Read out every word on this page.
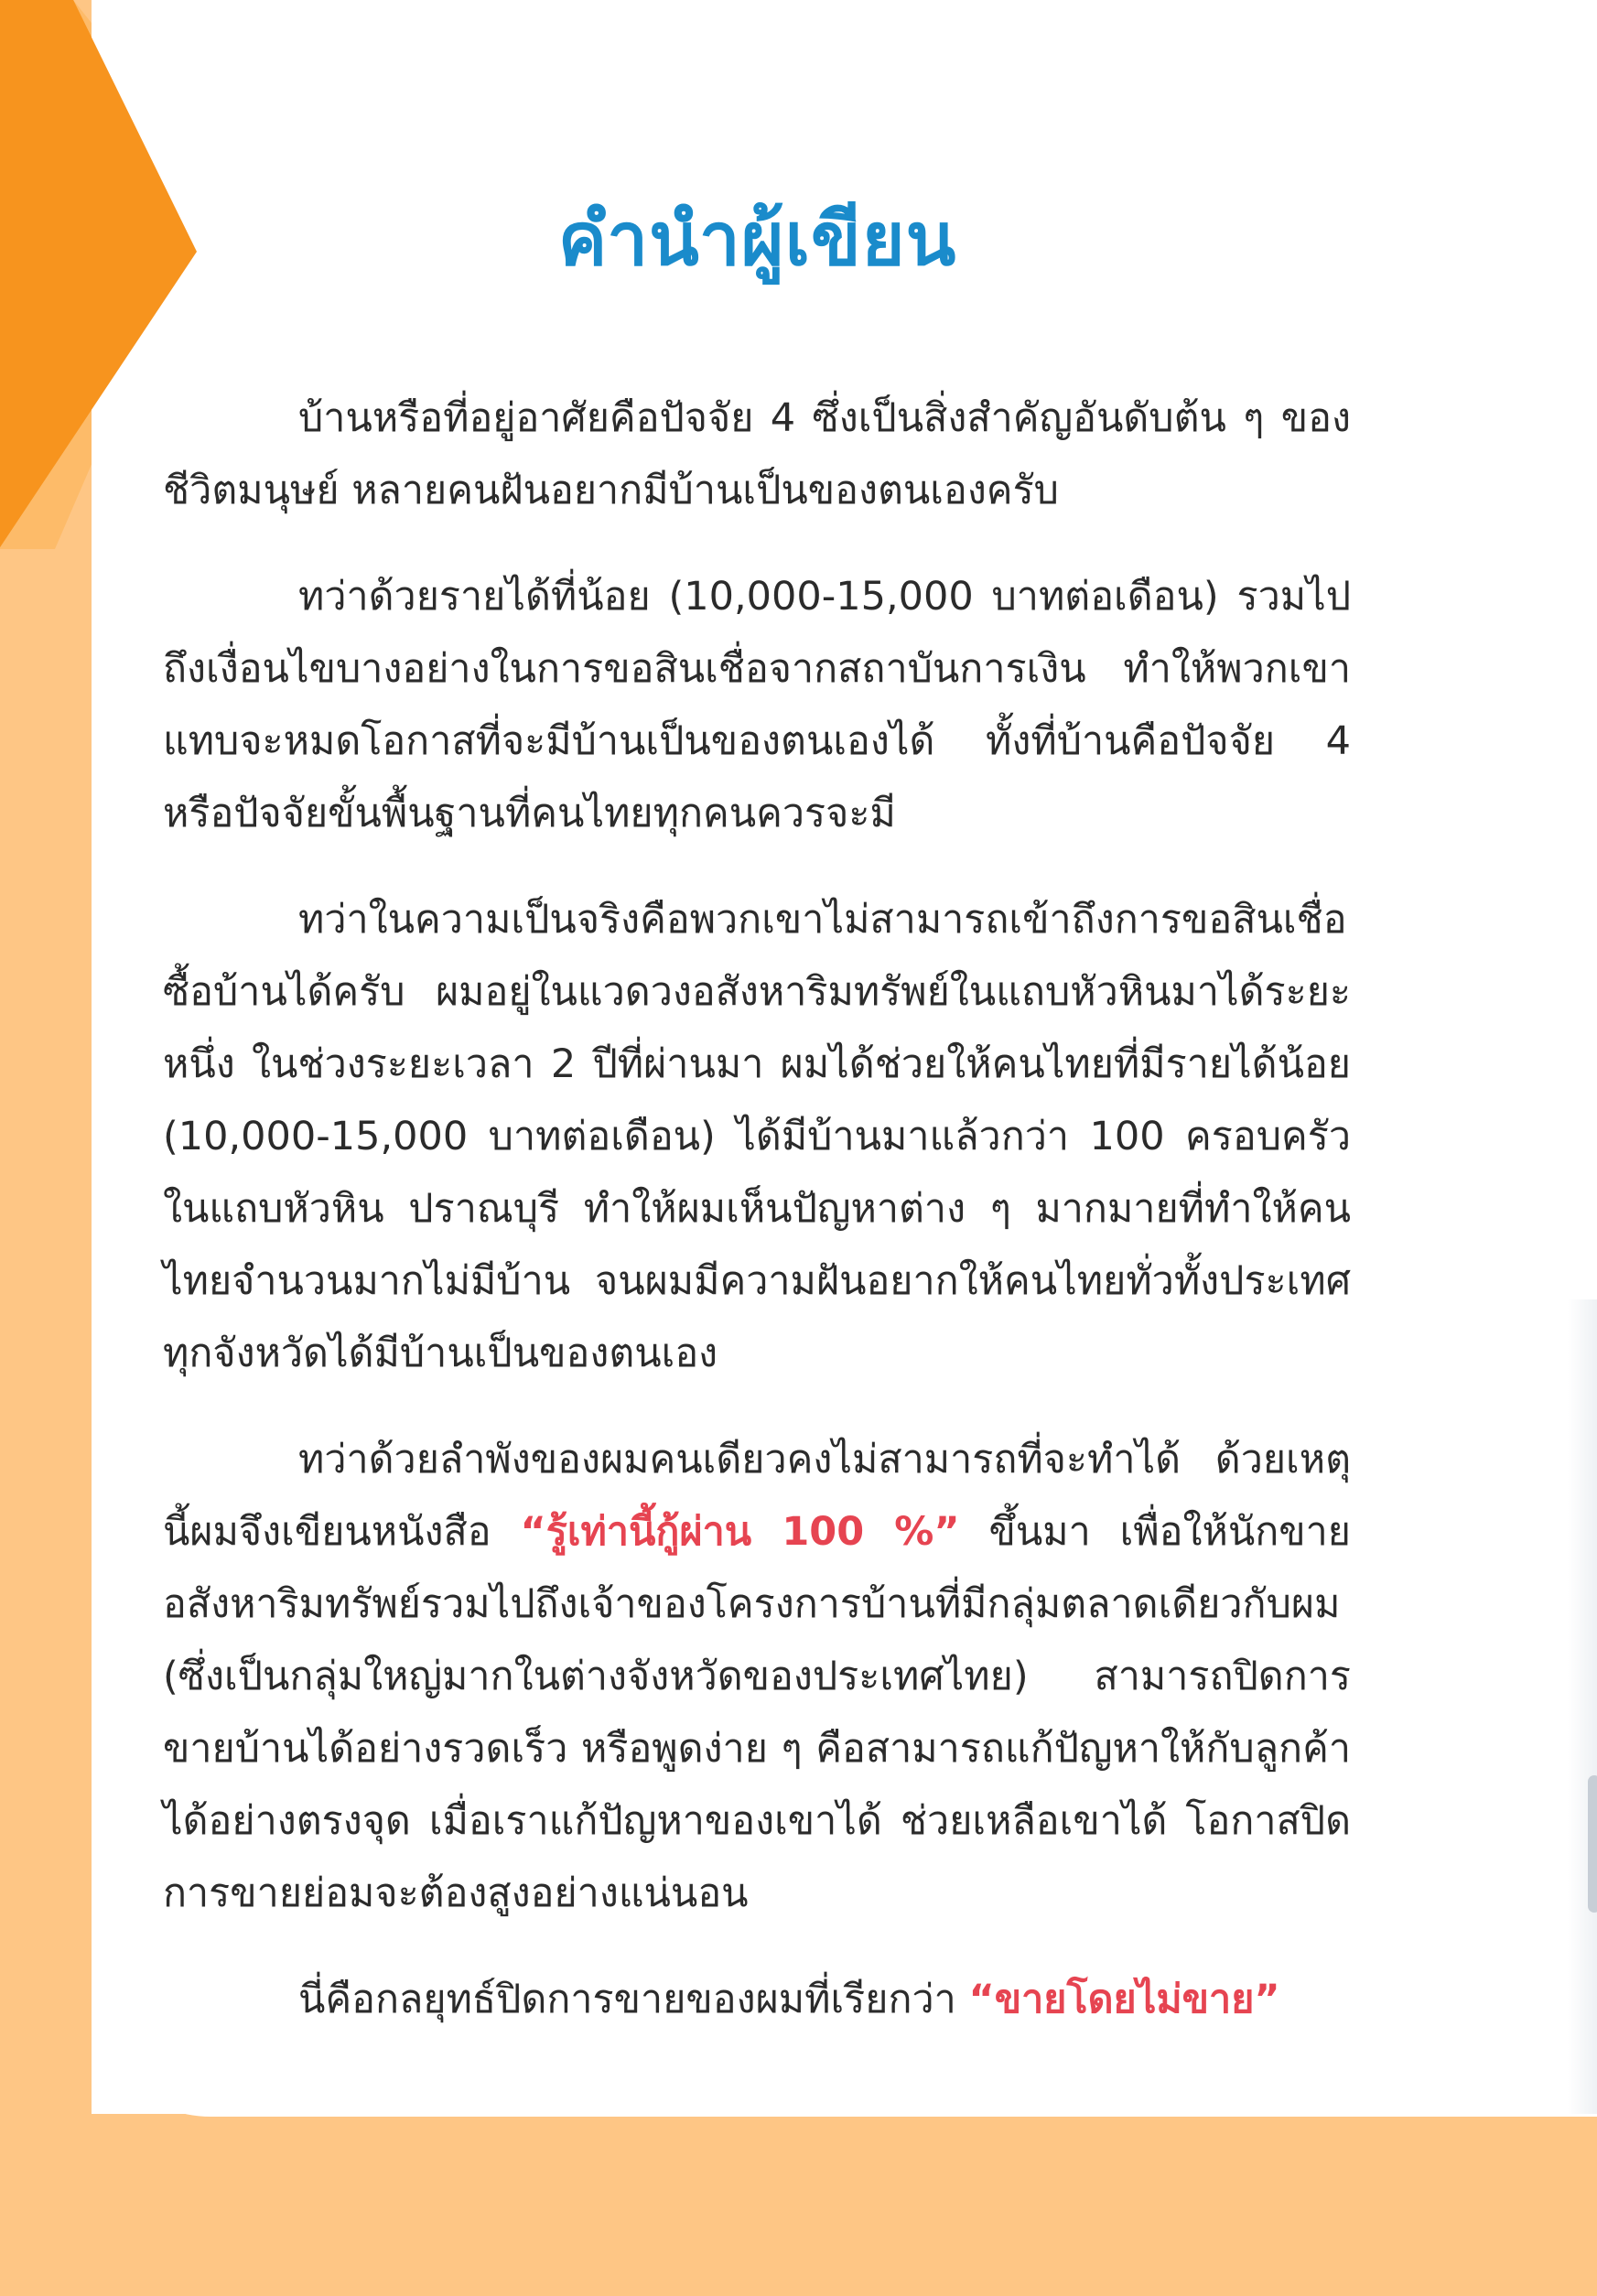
คำนำผู้เขียน

บ้านหรือที่อยู่อาศัยคือปัจจัย 4 ซึ่งเป็นสิ่งสำคัญอันดับต้น ๆ ของชีวิตมนุษย์ หลายคนฝันอยากมีบ้านเป็นของตนเองครับ

ทว่าด้วยรายได้ที่น้อย (10,000-15,000 บาทต่อเดือน) รวมไปถึงเงื่อนไขบางอย่างในการขอสินเชื่อจากสถาบันการเงิน ทำให้พวกเขาแทบจะหมดโอกาสที่จะมีบ้านเป็นของตนเองได้ ทั้งที่บ้านคือปัจจัย 4 หรือปัจจัยขั้นพื้นฐานที่คนไทยทุกคนควรจะมี

ทว่าในความเป็นจริงคือพวกเขาไม่สามารถเข้าถึงการขอสินเชื่อซื้อบ้านได้ครับ ผมอยู่ในแวดวงอสังหาริมทรัพย์ในแถบหัวหินมาได้ระยะหนึ่ง ในช่วงระยะเวลา 2 ปีที่ผ่านมา ผมได้ช่วยให้คนไทยที่มีรายได้น้อย (10,000-15,000 บาทต่อเดือน) ได้มีบ้านมาแล้วกว่า 100 ครอบครัวในแถบหัวหิน ปราณบุรี ทำให้ผมเห็นปัญหาต่าง ๆ มากมายที่ทำให้คนไทยจำนวนมากไม่มีบ้าน จนผมมีความฝันอยากให้คนไทยทั่วทั้งประเทศ ทุกจังหวัดได้มีบ้านเป็นของตนเอง

ทว่าด้วยลำพังของผมคนเดียวคงไม่สามารถที่จะทำได้ ด้วยเหตุนี้ผมจึงเขียนหนังสือ “รู้เท่านี้กู้ผ่าน 100 %” ขึ้นมา เพื่อให้นักขายอสังหาริมทรัพย์รวมไปถึงเจ้าของโครงการบ้านที่มีกลุ่มตลาดเดียวกับผม (ซึ่งเป็นกลุ่มใหญ่มากในต่างจังหวัดของประเทศไทย) สามารถปิดการขายบ้านได้อย่างรวดเร็ว หรือพูดง่าย ๆ คือสามารถแก้ปัญหาให้กับลูกค้าได้อย่างตรงจุด เมื่อเราแก้ปัญหาของเขาได้ ช่วยเหลือเขาได้ โอกาสปิดการขายย่อมจะต้องสูงอย่างแน่นอน

นี่คือกลยุทธ์ปิดการขายของผมที่เรียกว่า “ขายโดยไม่ขาย”
